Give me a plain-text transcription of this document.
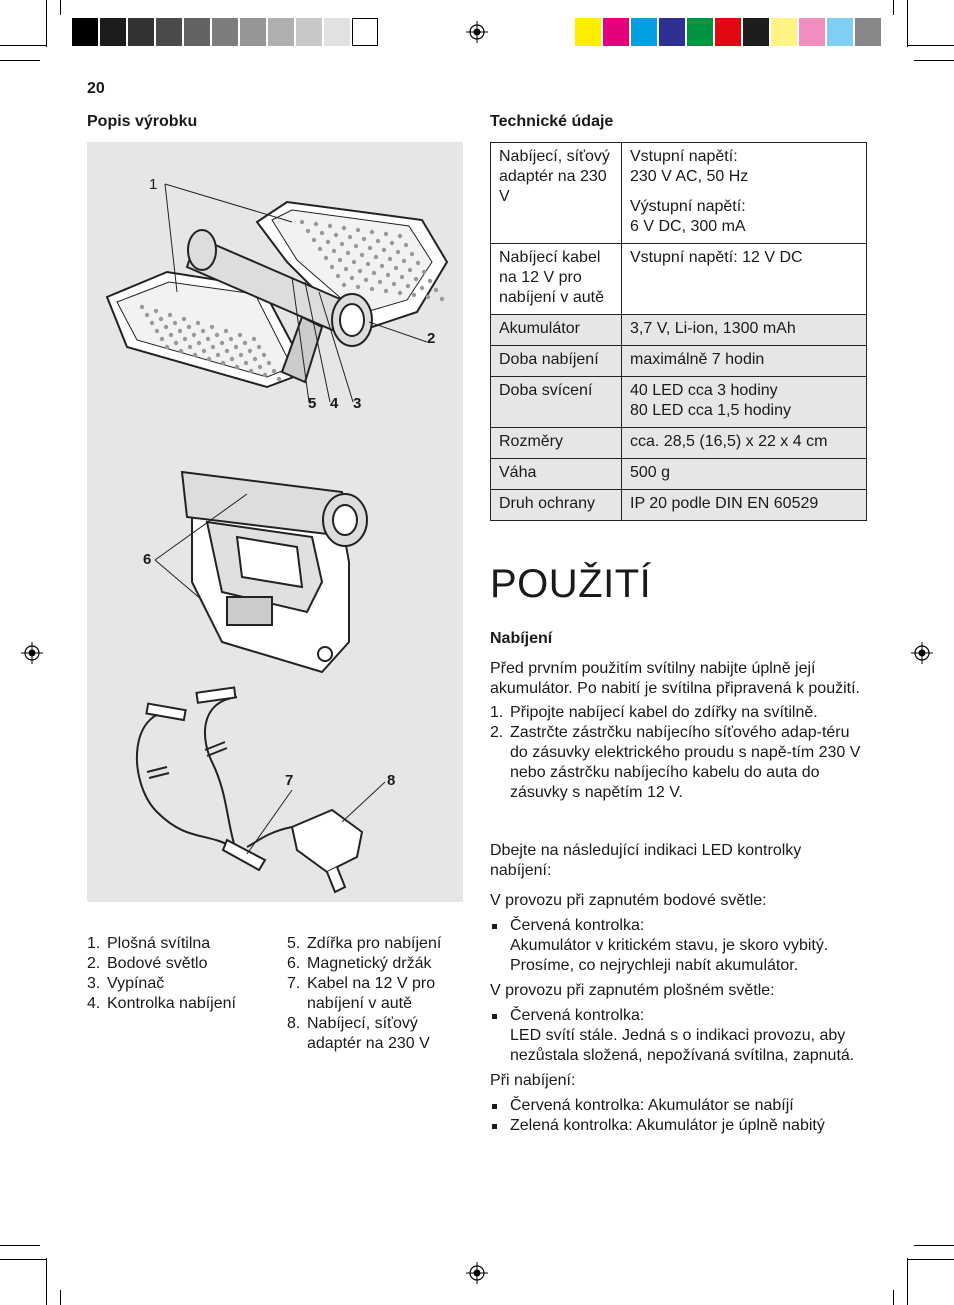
20
Popis výrobku
1
2
5 4 3
6
7	8
1. Plošná svítilna
2. Bodové světlo
3. Vypínač
4. Kontrolka nabíjení
5. Zdířka pro nabíjení
6. Magnetický držák
7. Kabel na 12 V pro nabíjení v autě
8. Nabíjecí, síťový adaptér na 230 V
Technické údaje
Nabíjecí, síťový adaptér na 230 V	Vstupní napětí:
230 V AC, 50 Hz
Výstupní napětí:
6 V DC, 300 mA

Nabíjecí kabel na 12 V pro nabíjení v autě	Vstupní napětí: 12 V DC
Akumulátor	3,7 V, Li-ion, 1300 mAh
Doba nabíjení	maximálně 7 hodin
Doba svícení	40 LED cca 3 hodiny
80 LED cca 1,5 hodiny

Rozměry	cca. 28,5 (16,5) x 22 x 4 cm
Váha	500 g
Druh ochrany	IP 20 podle DIN EN 60529
POUŽITÍ
Nabíjení
Před prvním použitím svítilny nabijte úplně její akumulátor. Po nabití je svítilna připravená k použití.
1. Připojte nabíjecí kabel do zdířky na svítilně.
2. Zastrčte zástrčku nabíjecího síťového adap-téru do zásuvky elektrického proudu s napě-tím 230 V nebo zástrčku nabíjecího kabelu do auta do zásuvky s napětím 12 V.
Dbejte na následující indikaci LED kontrolky nabíjení:
V provozu při zapnutém bodové světle:
Červená kontrolka:
Akumulátor v kritickém stavu, je skoro vybitý. Prosíme, co nejrychleji nabít akumulátor.
V provozu při zapnutém plošném světle:
Červená kontrolka:
LED svítí stále. Jedná s o indikaci provozu, aby nezůstala složená, nepožívaná svítilna, zapnutá.
Při nabíjení:
Červená kontrolka: Akumulátor se nabíjí
Zelená kontrolka: Akumulátor je úplně nabitý
